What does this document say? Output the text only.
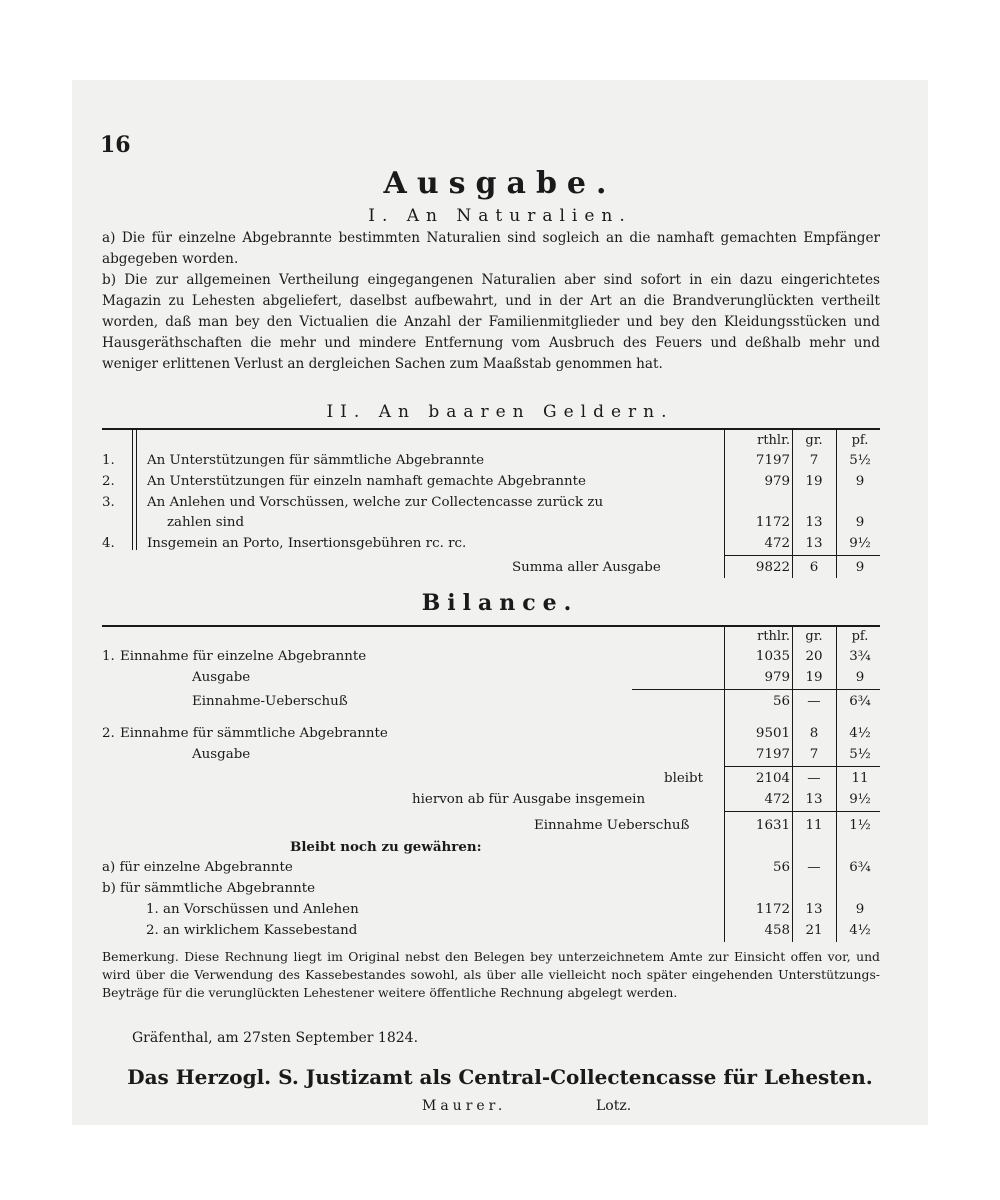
16
Ausgabe.
I. An Naturalien.

a) Die für einzelne Abgebrannte bestimmten Naturalien sind sogleich an die namhaft gemachten Empfänger abgegeben worden.

b) Die zur allgemeinen Vertheilung eingegangenen Naturalien aber sind sofort in ein dazu eingerichtetes Magazin zu Lehesten abgeliefert, daselbst aufbewahrt, und in der Art an die Brandverunglückten vertheilt worden, daß man bey den Victualien die Anzahl der Familienmitglieder und bey den Kleidungsstücken und Hausgeräthschaften die mehr und mindere Entfernung vom Ausbruch des Feuers und deßhalb mehr und weniger erlittenen Verlust an dergleichen Sachen zum Maaßstab genommen hat.

II. An baaren Geldern.
rthlr.	gr.	pf.
1. An Unterstützungen für sämmtliche Abgebrannte	7197	7	5½
2. An Unterstützungen für einzeln namhaft gemachte Abgebrannte	979	19	9
3. An Anlehen und Vorschüssen, welche zur Collectencasse zurück zu
zahlen sind	1172	13	9
4. Insgemein an Porto, Insertionsgebühren rc. rc.	472	13	9½
Summa aller Ausgabe	9822	6	9
Bilance.
rthlr.	gr.	pf.
1. Einnahme für einzelne Abgebrannte	1035	20	3¾
Ausgabe	979	19	9
Einnahme-Ueberschuß	56	—	6¾
2. Einnahme für sämmtliche Abgebrannte	9501	8	4½
Ausgabe	7197	7	5½
bleibt	2104	—	11
hiervon ab für Ausgabe insgemein	472	13	9½
Einnahme Ueberschuß	1631	11	1½
Bleibt noch zu gewähren:
a) für einzelne Abgebrannte	56	—	6¾
b) für sämmtliche Abgebrannte
1. an Vorschüssen und Anlehen	1172	13	9
2. an wirklichem Kassebestand	458	21	4½

Bemerkung. Diese Rechnung liegt im Original nebst den Belegen bey unterzeichnetem Amte zur Einsicht offen vor, und wird über die Verwendung des Kassebestandes sowohl, als über alle vielleicht noch später eingehenden Unterstützungs-Beyträge für die verunglückten Lehestener weitere öffentliche Rechnung abgelegt werden.

Gräfenthal, am 27sten September 1824.
Das Herzogl. S. Justizamt als Central-Collectencasse für Lehesten.
Maurer.	Lotz.
